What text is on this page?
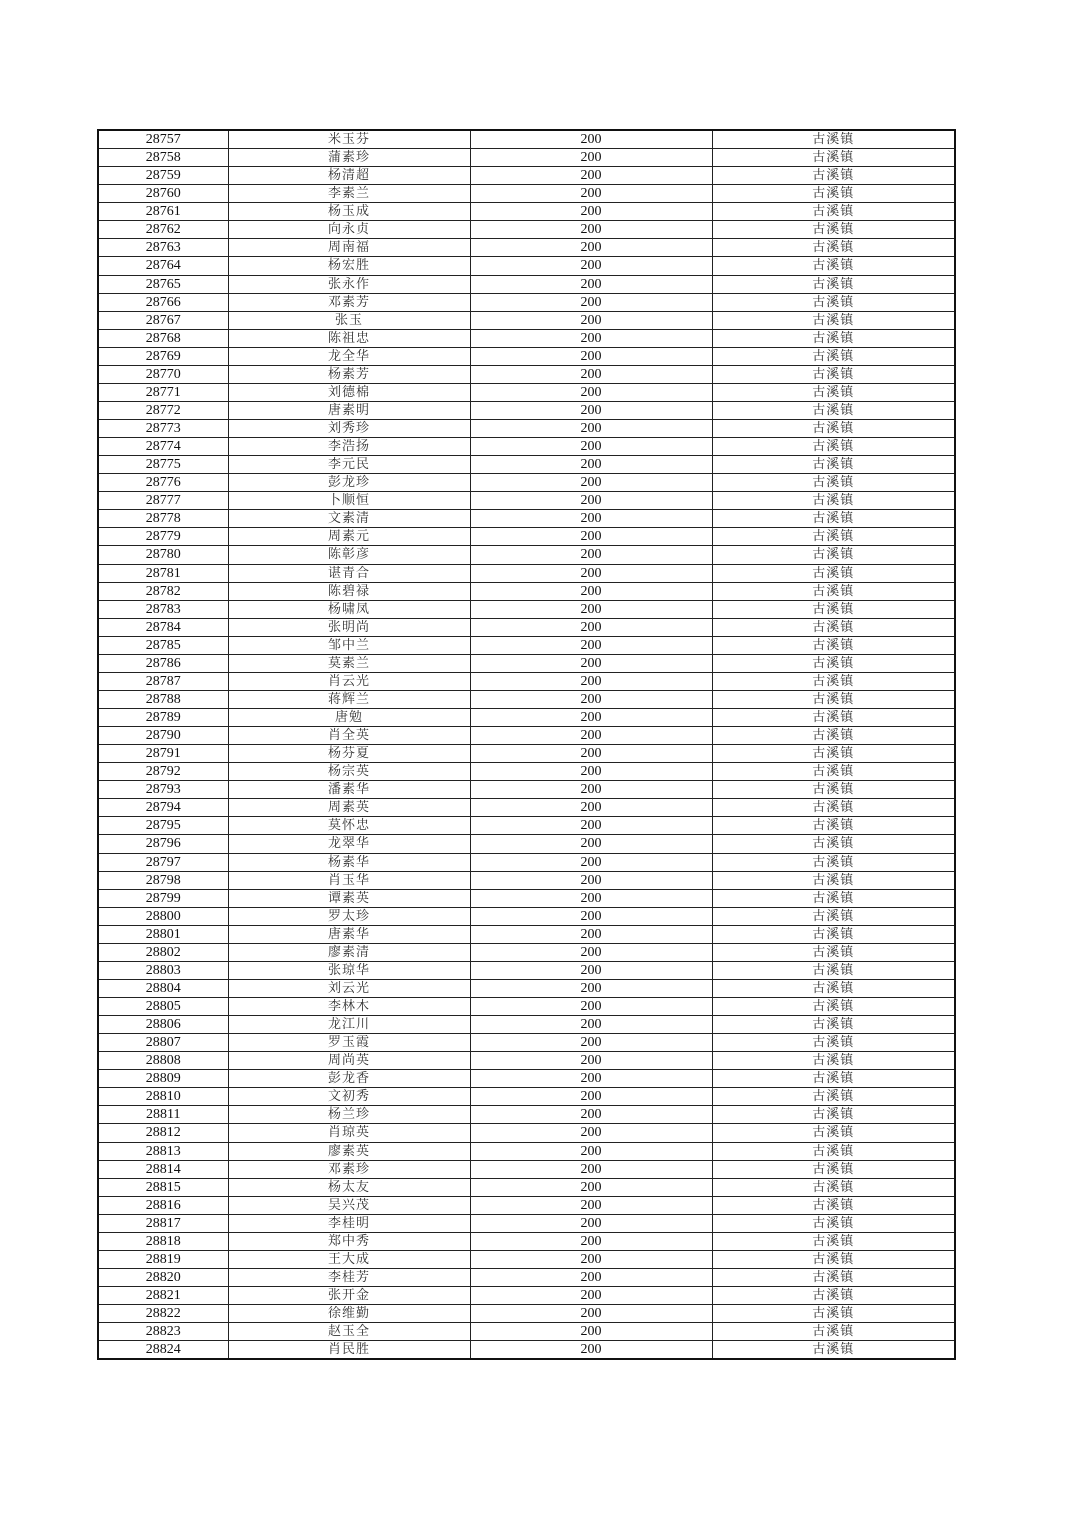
28757	米玉芬	200	古溪镇
28758	蒲素珍	200	古溪镇
28759	杨清超	200	古溪镇
28760	李素兰	200	古溪镇
28761	杨玉成	200	古溪镇
28762	向永贞	200	古溪镇
28763	周南福	200	古溪镇
28764	杨宏胜	200	古溪镇
28765	张永作	200	古溪镇
28766	邓素芳	200	古溪镇
28767	张玉	200	古溪镇
28768	陈祖忠	200	古溪镇
28769	龙全华	200	古溪镇
28770	杨素芳	200	古溪镇
28771	刘德棉	200	古溪镇
28772	唐素明	200	古溪镇
28773	刘秀珍	200	古溪镇
28774	李浩扬	200	古溪镇
28775	李元民	200	古溪镇
28776	彭龙珍	200	古溪镇
28777	卜顺恒	200	古溪镇
28778	文素清	200	古溪镇
28779	周素元	200	古溪镇
28780	陈彰彦	200	古溪镇
28781	谌青合	200	古溪镇
28782	陈碧禄	200	古溪镇
28783	杨啸凤	200	古溪镇
28784	张明尚	200	古溪镇
28785	邹中兰	200	古溪镇
28786	莫素兰	200	古溪镇
28787	肖云光	200	古溪镇
28788	蒋辉兰	200	古溪镇
28789	唐勉	200	古溪镇
28790	肖全英	200	古溪镇
28791	杨芬夏	200	古溪镇
28792	杨宗英	200	古溪镇
28793	潘素华	200	古溪镇
28794	周素英	200	古溪镇
28795	莫怀忠	200	古溪镇
28796	龙翠华	200	古溪镇
28797	杨素华	200	古溪镇
28798	肖玉华	200	古溪镇
28799	谭素英	200	古溪镇
28800	罗太珍	200	古溪镇
28801	唐素华	200	古溪镇
28802	廖素清	200	古溪镇
28803	张琼华	200	古溪镇
28804	刘云光	200	古溪镇
28805	李林木	200	古溪镇
28806	龙江川	200	古溪镇
28807	罗玉霞	200	古溪镇
28808	周尚英	200	古溪镇
28809	彭龙香	200	古溪镇
28810	文初秀	200	古溪镇
28811	杨兰珍	200	古溪镇
28812	肖琼英	200	古溪镇
28813	廖素英	200	古溪镇
28814	邓素珍	200	古溪镇
28815	杨太友	200	古溪镇
28816	吴兴茂	200	古溪镇
28817	李桂明	200	古溪镇
28818	郑中秀	200	古溪镇
28819	王大成	200	古溪镇
28820	李桂芳	200	古溪镇
28821	张开金	200	古溪镇
28822	徐维勤	200	古溪镇
28823	赵玉全	200	古溪镇
28824	肖民胜	200	古溪镇
